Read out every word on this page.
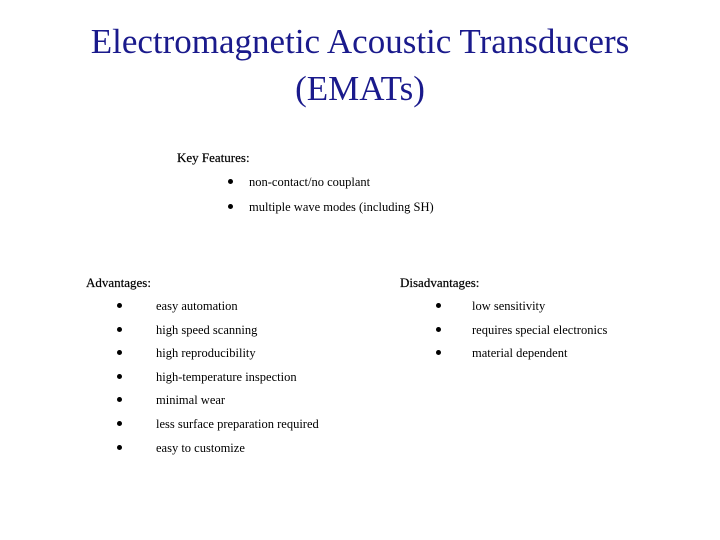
Electromagnetic Acoustic Transducers
(EMATs)
Key Features:
non-contact/no couplant
multiple wave modes (including SH)
Advantages:
easy automation
high speed scanning
high reproducibility
high-temperature inspection
minimal wear
less surface preparation required
easy to customize
Disadvantages:
low sensitivity
requires special electronics
material dependent
